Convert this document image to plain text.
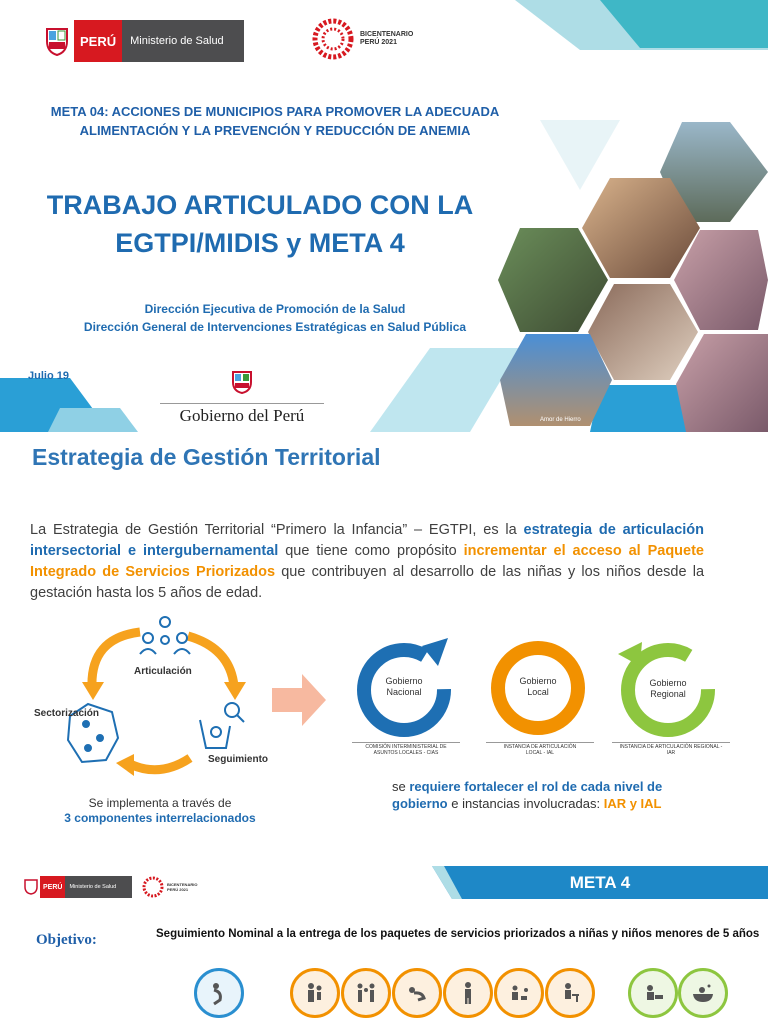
PERÚ	Ministerio de Salud
BICENTENARIO
PERÚ 2021
META 04: ACCIONES DE MUNICIPIOS PARA PROMOVER LA ADECUADA
ALIMENTACIÓN Y LA PREVENCIÓN Y REDUCCIÓN DE ANEMIA
TRABAJO ARTICULADO CON LA
EGTPI/MIDIS y META 4
Dirección Ejecutiva de Promoción de la Salud
Dirección General de Intervenciones Estratégicas en Salud Pública
Julio 19
Gobierno del Perú	Amor de Hierro
Estrategia de Gestión Territorial
La Estrategia de Gestión Territorial “Primero la Infancia” – EGTPI, es la estrategia de articulación intersectorial e intergubernamental que tiene como propósito incrementar el acceso al Paquete Integrado de Servicios Priorizados que contribuyen al desarrollo de las niñas y los niños desde la gestación hasta los 5 años de edad.
Articulación
Sectorización
Seguimiento
Se implementa a través de
3 componentes interrelacionados
Gobierno
Nacional
COMISIÓN INTERMINISTERIAL DE
ASUNTOS LOCALES - CIAS
Gobierno
Local
INSTANCIA DE ARTICULACIÓN
LOCAL - IAL
Gobierno
Regional
INSTANCIA DE ARTICULACIÓN REGIONAL -
IAR
se requiere fortalecer el rol de cada nivel de gobierno e instancias involucradas: IAR y IAL
PERÚ	Ministerio de Salud	BICENTENARIO
PERÚ 2021	META 4
Objetivo:	Seguimiento Nominal a la entrega de los paquetes de servicios priorizados a niñas y niños menores de 5 años
